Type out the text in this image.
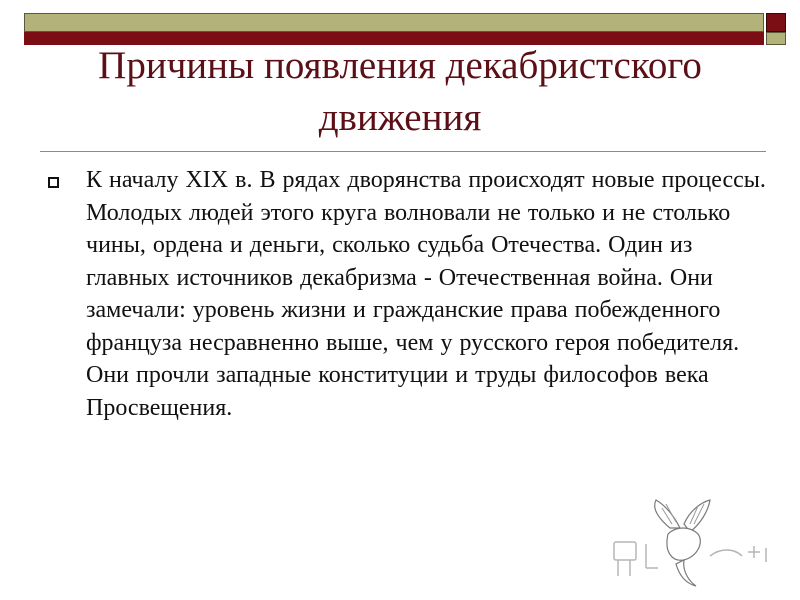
Причины появления декабристского движения

К началу XIX в. В рядах дворянства происходят новые процессы. Молодых людей этого круга волновали не только и не столько чины, ордена и деньги, сколько судьба Отечества. Один из главных источников декабризма - Отечественная война. Они замечали: уровень жизни и гражданские права побежденного француза несравненно выше, чем у русского героя победителя. Они прочли западные конституции и труды философов века Просвещения.
